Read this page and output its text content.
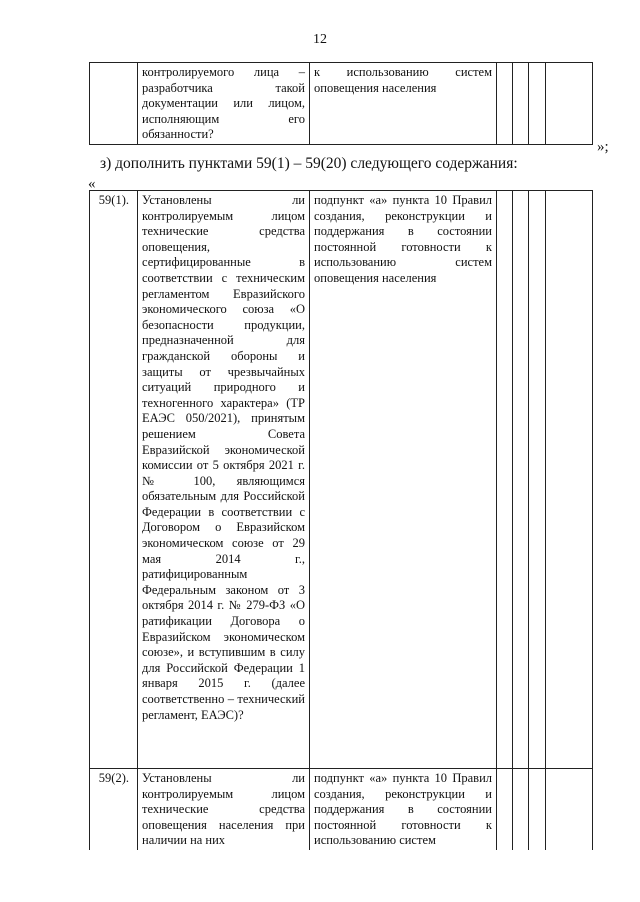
12
	контролируемого лица – разработчика такой документации или лицом, исполняющим его обязанности?	к использованию систем оповещения населения				
»;
з) дополнить пунктами 59(1) – 59(20) следующего содержания:
«
59(1).	Установлены ли контролируемым лицом технические средства оповещения, сертифицированные в соответствии с техническим регламентом Евразийского экономического союза «О безопасности продукции, предназначенной для гражданской обороны и защиты от чрезвычайных ситуаций природного и техногенного характера» (ТР ЕАЭС 050/2021), принятым решением Совета Евразийской экономической комиссии от 5 октября 2021 г. № 100, являющимся обязательным для Российской Федерации в соответствии с Договором о Евразийском экономическом союзе от 29 мая 2014 г., ратифицированным Федеральным законом от 3 октября 2014 г. № 279-ФЗ «О ратификации Договора о Евразийском экономическом союзе», и вступившим в силу для Российской Федерации 1 января 2015 г. (далее соответственно – технический регламент, ЕАЭС)?	подпункт «а» пункта 10 Правил создания, реконструкции и поддержания в состоянии постоянной готовности к использованию систем оповещения населения				
59(2).	Установлены ли контролируемым лицом технические средства оповещения населения при наличии на них	подпункт «а» пункта 10 Правил создания, реконструкции и поддержания в состоянии постоянной готовности к использованию систем				
